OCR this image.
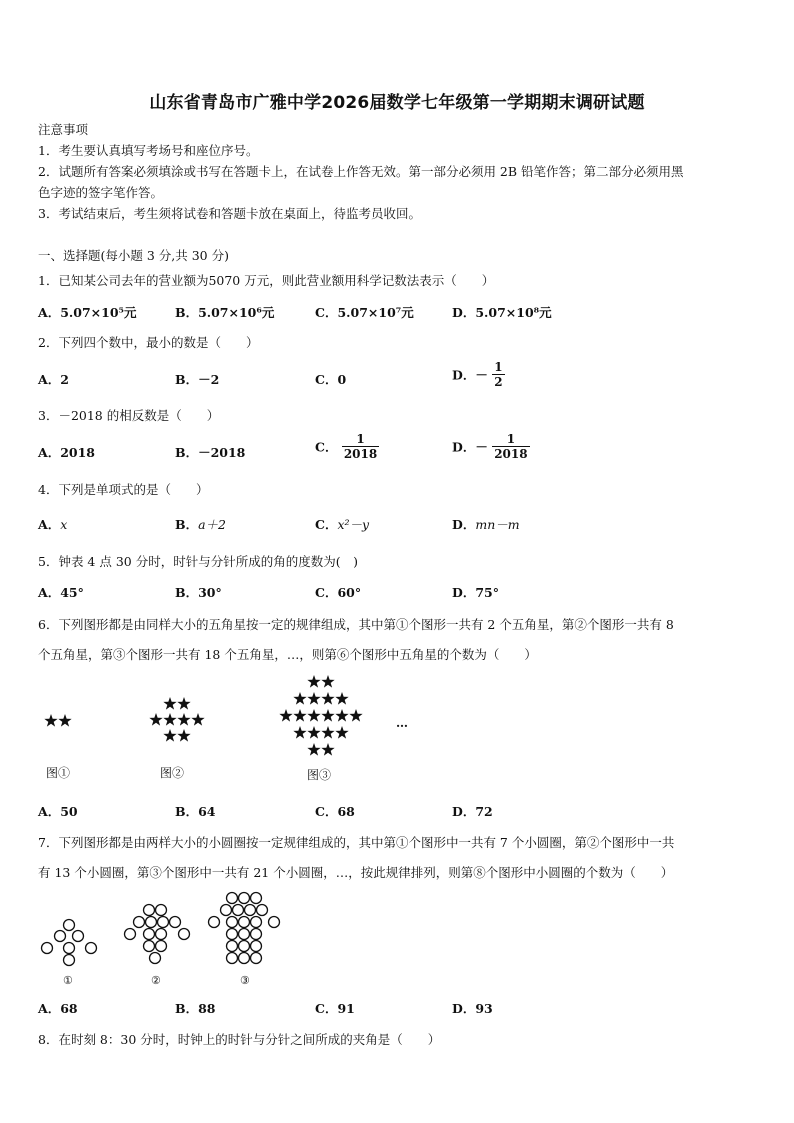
山东省青岛市广雅中学2026届数学七年级第一学期期末调研试题
注意事项
1．考生要认真填写考场号和座位序号。
2．试题所有答案必须填涂或书写在答题卡上，在试卷上作答无效。第一部分必须用 2B 铅笔作答；第二部分必须用黑
色字迹的签字笔作答。
3．考试结束后，考生须将试卷和答题卡放在桌面上，待监考员收回。
一、选择题(每小题 3 分,共 30 分)
1．已知某公司去年的营业额为5070 万元，则此营业额用科学记数法表示（　　）
A．5.07×10⁵元	B．5.07×10⁶元	C．5.07×10⁷元	D．5.07×10⁸元
2．下列四个数中，最小的数是（　　）
A．2	B．－2	C．0	D．－ $\frac{1}{2}$
3．－2018 的相反数是（　　）
A．2018	B．－2018	C． $\frac{1}{2018}$	D．－ $\frac{1}{2018}$
4．下列是单项式的是（　　）
A．x	B．a＋2	C．x²－y	D．mn－m
5．钟表 4 点 30 分时，时针与分针所成的角的度数为(　)
A．45°	B．30°	C．60°	D．75°
6．下列图形都是由同样大小的五角星按一定的规律组成，其中第①个图形一共有 2 个五角星，第②个图形一共有 8
个五角星，第③个图形一共有 18 个五角星，…，则第⑥个图形中五角星的个数为（　　）
…
图①	图②	图③
A．50	B．64	C．68	D．72
7．下列图形都是由两样大小的小圆圈按一定规律组成的，其中第①个图形中一共有 7 个小圆圈，第②个图形中一共
有 13 个小圆圈，第③个图形中一共有 21 个小圆圈，…，按此规律排列，则第⑧个图形中小圆圈的个数为（　　）
①	②	③
A．68	B．88	C．91	D．93
8．在时刻 8：30 分时，时钟上的时针与分针之间所成的夹角是（　　）
